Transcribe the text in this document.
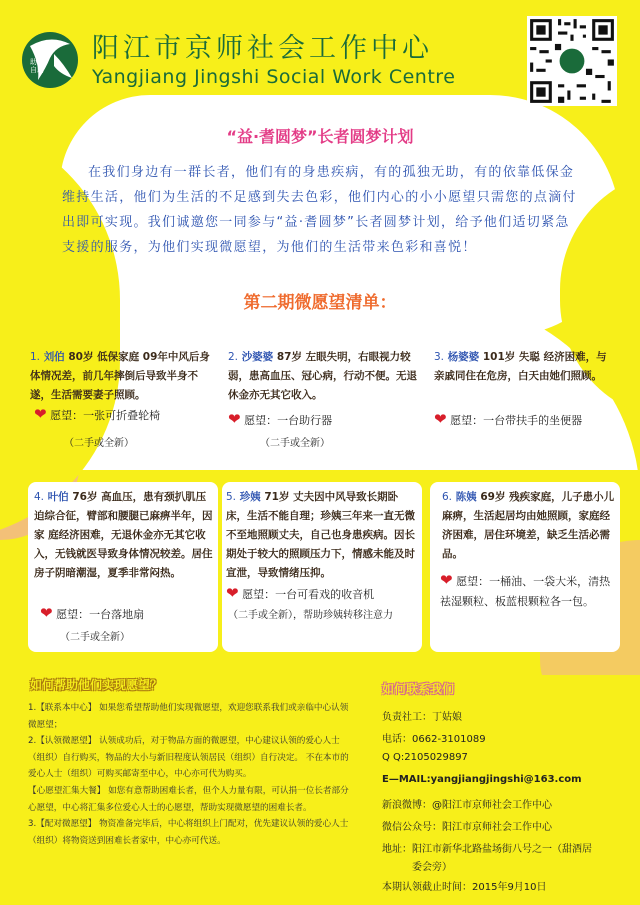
助人
自助
阳江市京师社会工作中心
Yangjiang Jingshi Social Work Centre
“益·耆圆梦”长者圆梦计划

在我们身边有一群长者，他们有的身患疾病，有的孤独无助，有的依靠低保金维持生活，他们为生活的不足感到失去色彩，他们内心的小小愿望只需您的点滴付出即可实现。我们诚邀您一同参与“益·耆圆梦”长者圆梦计划，给予他们适切紧急支援的服务，为他们实现微愿望，为他们的生活带来色彩和喜悦！

第二期微愿望清单：
1. 刘伯 80岁 低保家庭 09年中风后身体情况差，前几年摔倒后导致半身不遂，生活需要妻子照顾。
❤ 愿望：一张可折叠轮椅
（二手或全新）
2. 沙婆婆 87岁 左眼失明，右眼视力较弱，患高血压、冠心病，行动不便。无退休金亦无其它收入。
❤ 愿望：一台助行器
（二手或全新）
3. 杨婆婆 101岁 失聪 经济困难，与亲戚同住在危房，白天由她们照顾。
❤ 愿望：一台带扶手的坐便器
4. 叶伯 76岁 高血压，患有颈扒肌压迫综合征，臂部和腰腿已麻痹半年，因家 庭经济困难，无退休金亦无其它收入，无钱就医导致身体情况较差。居住房子阴暗潮湿，夏季非常闷热。
❤ 愿望：一台落地扇
（二手或全新）
5. 珍姨 71岁 丈夫因中风导致长期卧床，生活不能自理；珍姨三年来一直无微不至地照顾丈夫，自己也身患疾病。因长期处于较大的照顾压力下，情感未能及时宣泄，导致情绪压抑。
❤ 愿望：一台可看戏的收音机
（二手或全新），帮助珍姨转移注意力
6. 陈姨 69岁 残疾家庭，儿子患小儿麻痹，生活起居均由她照顾，家庭经济困难，居住环境差，缺乏生活必需品。
❤ 愿望：一桶油、一袋大米，清热祛湿颗粒、板蓝根颗粒各一包。
如何帮助他们实现愿望？

1.【联系本中心】 如果您希望帮助他们实现微愿望，欢迎您联系我们或亲临中心认领微愿望；

2.【认领微愿望】 认领成功后，对于物品方面的微愿望，中心建议认领的爱心人士（组织）自行购买，物品的大小与新旧程度认领居民（组织）自行决定。 不在本市的爱心人士（组织）可购买邮寄至中心，中心亦可代为购买。

【心愿望汇集大餐】 如您有意帮助困难长者，但个人力量有限，可认捐一位长者部分心愿望，中心将汇集多位爱心人士的心愿望，帮助实现微愿望的困难长者。

3.【配对微愿望】 物资准备完毕后，中心将组织上门配对，优先建议认领的爱心人士（组织）将物资送到困难长者家中，中心亦可代送。

如何联系我们
负责社工：丁姑娘
电话：0662-3101089
Q Q:2105029897
E—MAIL:yangjiangjingshi@163.com
新浪微博：@阳江市京师社会工作中心
微信公众号：阳江市京师社会工作中心
地址：阳江市新华北路盐场街八号之一（甜酒居
委会旁）
本期认领截止时间：2015年9月10日
